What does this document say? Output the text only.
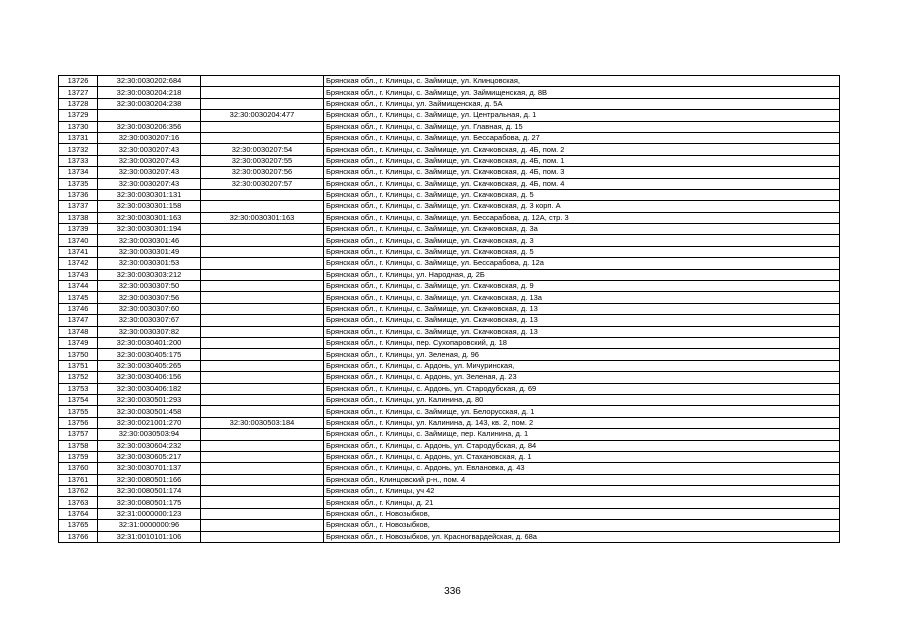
13726	32:30:0030202:684		Брянская обл., г. Клинцы, с. Займище, ул. Клинцовская,
13727	32:30:0030204:218		Брянская обл., г. Клинцы, с. Займище, ул. Займищенская, д. 8В
13728	32:30:0030204:238		Брянская обл., г. Клинцы, ул. Займищенская, д. 5А
13729		32:30:0030204:477	Брянская обл., г. Клинцы, с. Займище, ул. Центральная, д. 1
13730	32:30:0030206:356		Брянская обл., г. Клинцы, с. Займище, ул. Главная, д. 15
13731	32:30:0030207:16		Брянская обл., г. Клинцы, с. Займище, ул. Бессарабова, д. 27
13732	32:30:0030207:43	32:30:0030207:54	Брянская обл., г. Клинцы, с. Займище, ул. Скачковская, д. 4Б, пом. 2
13733	32:30:0030207:43	32:30:0030207:55	Брянская обл., г. Клинцы, с. Займище, ул. Скачковская, д. 4Б, пом. 1
13734	32:30:0030207:43	32:30:0030207:56	Брянская обл., г. Клинцы, с. Займище, ул. Скачковская, д. 4Б, пом. 3
13735	32:30:0030207:43	32:30:0030207:57	Брянская обл., г. Клинцы, с. Займище, ул. Скачковская, д. 4Б, пом. 4
13736	32:30:0030301:131		Брянская обл., г. Клинцы, с. Займище, ул. Скачковская, д. 5
13737	32:30:0030301:158		Брянская обл., г. Клинцы, с. Займище, ул. Скачковская, д. 3 корп. А
13738	32:30:0030301:163	32:30:0030301:163	Брянская обл., г. Клинцы, с. Займище, ул. Бессарабова, д. 12А, стр. 3
13739	32:30:0030301:194		Брянская обл., г. Клинцы, с. Займище, ул. Скачковская, д. 3а
13740	32:30:0030301:46		Брянская обл., г. Клинцы, с. Займище, ул. Скачковская, д. 3
13741	32:30:0030301:49		Брянская обл., г. Клинцы, с. Займище, ул. Скачковская, д. 5
13742	32:30:0030301:53		Брянская обл., г. Клинцы, с. Займище, ул. Бессарабова, д. 12а
13743	32:30:0030303:212		Брянская обл., г. Клинцы, ул. Народная, д. 2Б
13744	32:30:0030307:50		Брянская обл., г. Клинцы, с. Займище, ул. Скачковская, д. 9
13745	32:30:0030307:56		Брянская обл., г. Клинцы, с. Займище, ул. Скачковская, д. 13а
13746	32:30:0030307:60		Брянская обл., г. Клинцы, с. Займище, ул. Скачковская, д. 13
13747	32:30:0030307:67		Брянская обл., г. Клинцы, с. Займище, ул. Скачковская, д. 13
13748	32:30:0030307:82		Брянская обл., г. Клинцы, с. Займище, ул. Скачковская, д. 13
13749	32:30:0030401:200		Брянская обл., г. Клинцы, пер. Сухопаровский, д. 18
13750	32:30:0030405:175		Брянская обл., г. Клинцы, ул. Зеленая, д. 96
13751	32:30:0030405:265		Брянская обл., г. Клинцы, с. Ардонь, ул. Мичуринская,
13752	32:30:0030406:156		Брянская обл., г. Клинцы, с. Ардонь, ул. Зеленая, д. 23
13753	32:30:0030406:182		Брянская обл., г. Клинцы, с. Ардонь, ул. Стародубская, д. 69
13754	32:30:0030501:293		Брянская обл., г. Клинцы, ул. Калинина, д. 80
13755	32:30:0030501:458		Брянская обл., г. Клинцы, с. Займище, ул. Белорусская, д. 1
13756	32:30:0021001:270	32:30:0030503:184	Брянская обл., г. Клинцы, ул. Калинина, д. 143, кв. 2, пом. 2
13757	32:30:0030503:94		Брянская обл., г. Клинцы, с. Займище, пер. Калинина, д. 1
13758	32:30:0030604:232		Брянская обл., г. Клинцы, с. Ардонь, ул. Стародубская, д. 84
13759	32:30:0030605:217		Брянская обл., г. Клинцы, с. Ардонь, ул. Стахановская, д. 1
13760	32:30:0030701:137		Брянская обл., г. Клинцы, с. Ардонь, ул. Евлановка, д. 43
13761	32:30:0080501:166		Брянская обл., Клинцовский р-н., пом. 4
13762	32:30:0080501:174		Брянская обл., г. Клинцы, уч 42
13763	32:30:0080501:175		Брянская обл., г. Клинцы, д. 21
13764	32:31:0000000:123		Брянская обл., г. Новозыбков,
13765	32:31:0000000:96		Брянская обл., г. Новозыбков,
13766	32:31:0010101:106		Брянская обл., г. Новозыбков, ул. Красногвардейская, д. 68а
336
